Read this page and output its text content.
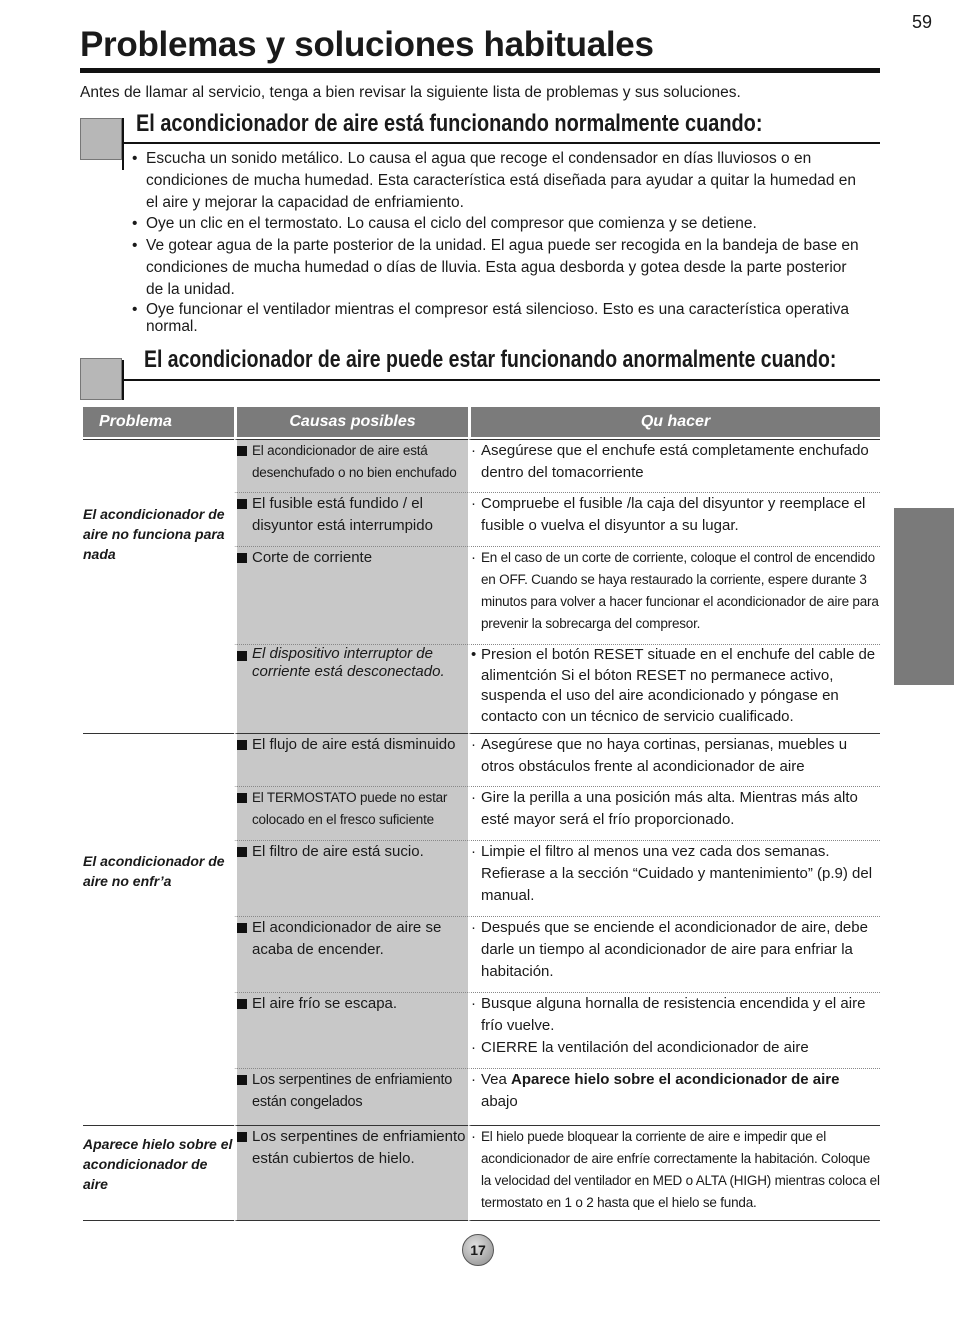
59
Problemas y soluciones habituales
Antes de llamar al servicio, tenga a bien revisar la siguiente lista de problemas y sus soluciones.
El acondicionador de aire está funcionando normalmente cuando:
• Escucha un sonido metálico. Lo causa el agua que recoge el condensador en días lluviosos o en condiciones de mucha humedad. Esta característica está diseñada para ayudar a quitar la humedad en el aire y mejorar la capacidad de enfriamiento.
• Oye un clic en el termostato. Lo causa el ciclo del compresor que comienza y se detiene.
• Ve gotear agua de la parte posterior de la unidad. El agua puede ser recogida en la bandeja de base en condiciones de mucha humedad o días de lluvia. Esta agua desborda y gotea desde la parte posterior de la unidad.
• Oye funcionar el ventilador mientras el compresor está silencioso. Esto es una característica operativa normal.
El acondicionador de aire puede estar funcionando anormalmente cuando:
Problema	Causas posibles	Qu hacer
El acondicionador de aire no funciona para nada	El acondicionador de aire está desenchufado o no bien enchufado	· Asegúrese que el enchufe está completamente enchufado dentro del tomacorriente

	El fusible está fundido / el disyuntor está interrumpido	· Compruebe el fusible /la caja del disyuntor y reemplace el fusible o vuelva el disyuntor a su lugar.

	Corte de corriente	· En el caso de un corte de corriente, coloque el control de encendido en OFF. Cuando se haya restaurado la corriente, espere durante 3 minutos para volver a hacer funcionar el acondicionador de aire para prevenir la sobrecarga del compresor.

	El dispositivo interruptor de corriente está desconectado.	• Presion el botón RESET situade en el enchufe del cable de alimentción Si el bóton RESET no permanece activo, suspenda el uso del aire acondicionado y póngase en contacto con un técnico de servicio cualificado.

El acondicionador de aire no enfr’a	El flujo de aire está disminuido	· Asegúrese que no haya cortinas, persianas, muebles u otros obstáculos frente al acondicionador de aire

	El TERMOSTATO puede no estar colocado en el fresco suficiente	· Gire la perilla a una posición más alta. Mientras más alto esté mayor será el frío proporcionado.

	El filtro de aire está sucio.	· Limpie el filtro al menos una vez cada dos semanas. Refierase a la sección “Cuidado y mantenimiento” (p.9) del manual.

	El acondicionador de aire se acaba de encender.	· Después que se enciende el acondicionador de aire, debe darle un tiempo al acondicionador de aire para enfriar la habitación.

	El aire frío se escapa.	· Busque alguna hornalla de resistencia encendida y el aire frío vuelve.
· CIERRE la ventilación del acondicionador de aire

	Los serpentines de enfriamiento están congelados	· Vea Aparece hielo sobre el acondicionador de aire abajo

Aparece hielo sobre el acondicionador de aire	Los serpentines de enfriamiento están cubiertos de hielo.	· El hielo puede bloquear la corriente de aire e impedir que el acondicionador de aire enfríe correctamente la habitación. Coloque la velocidad del ventilador en MED o ALTA (HIGH) mientras coloca el termostato en 1 o 2 hasta que el hielo se funda.
17
